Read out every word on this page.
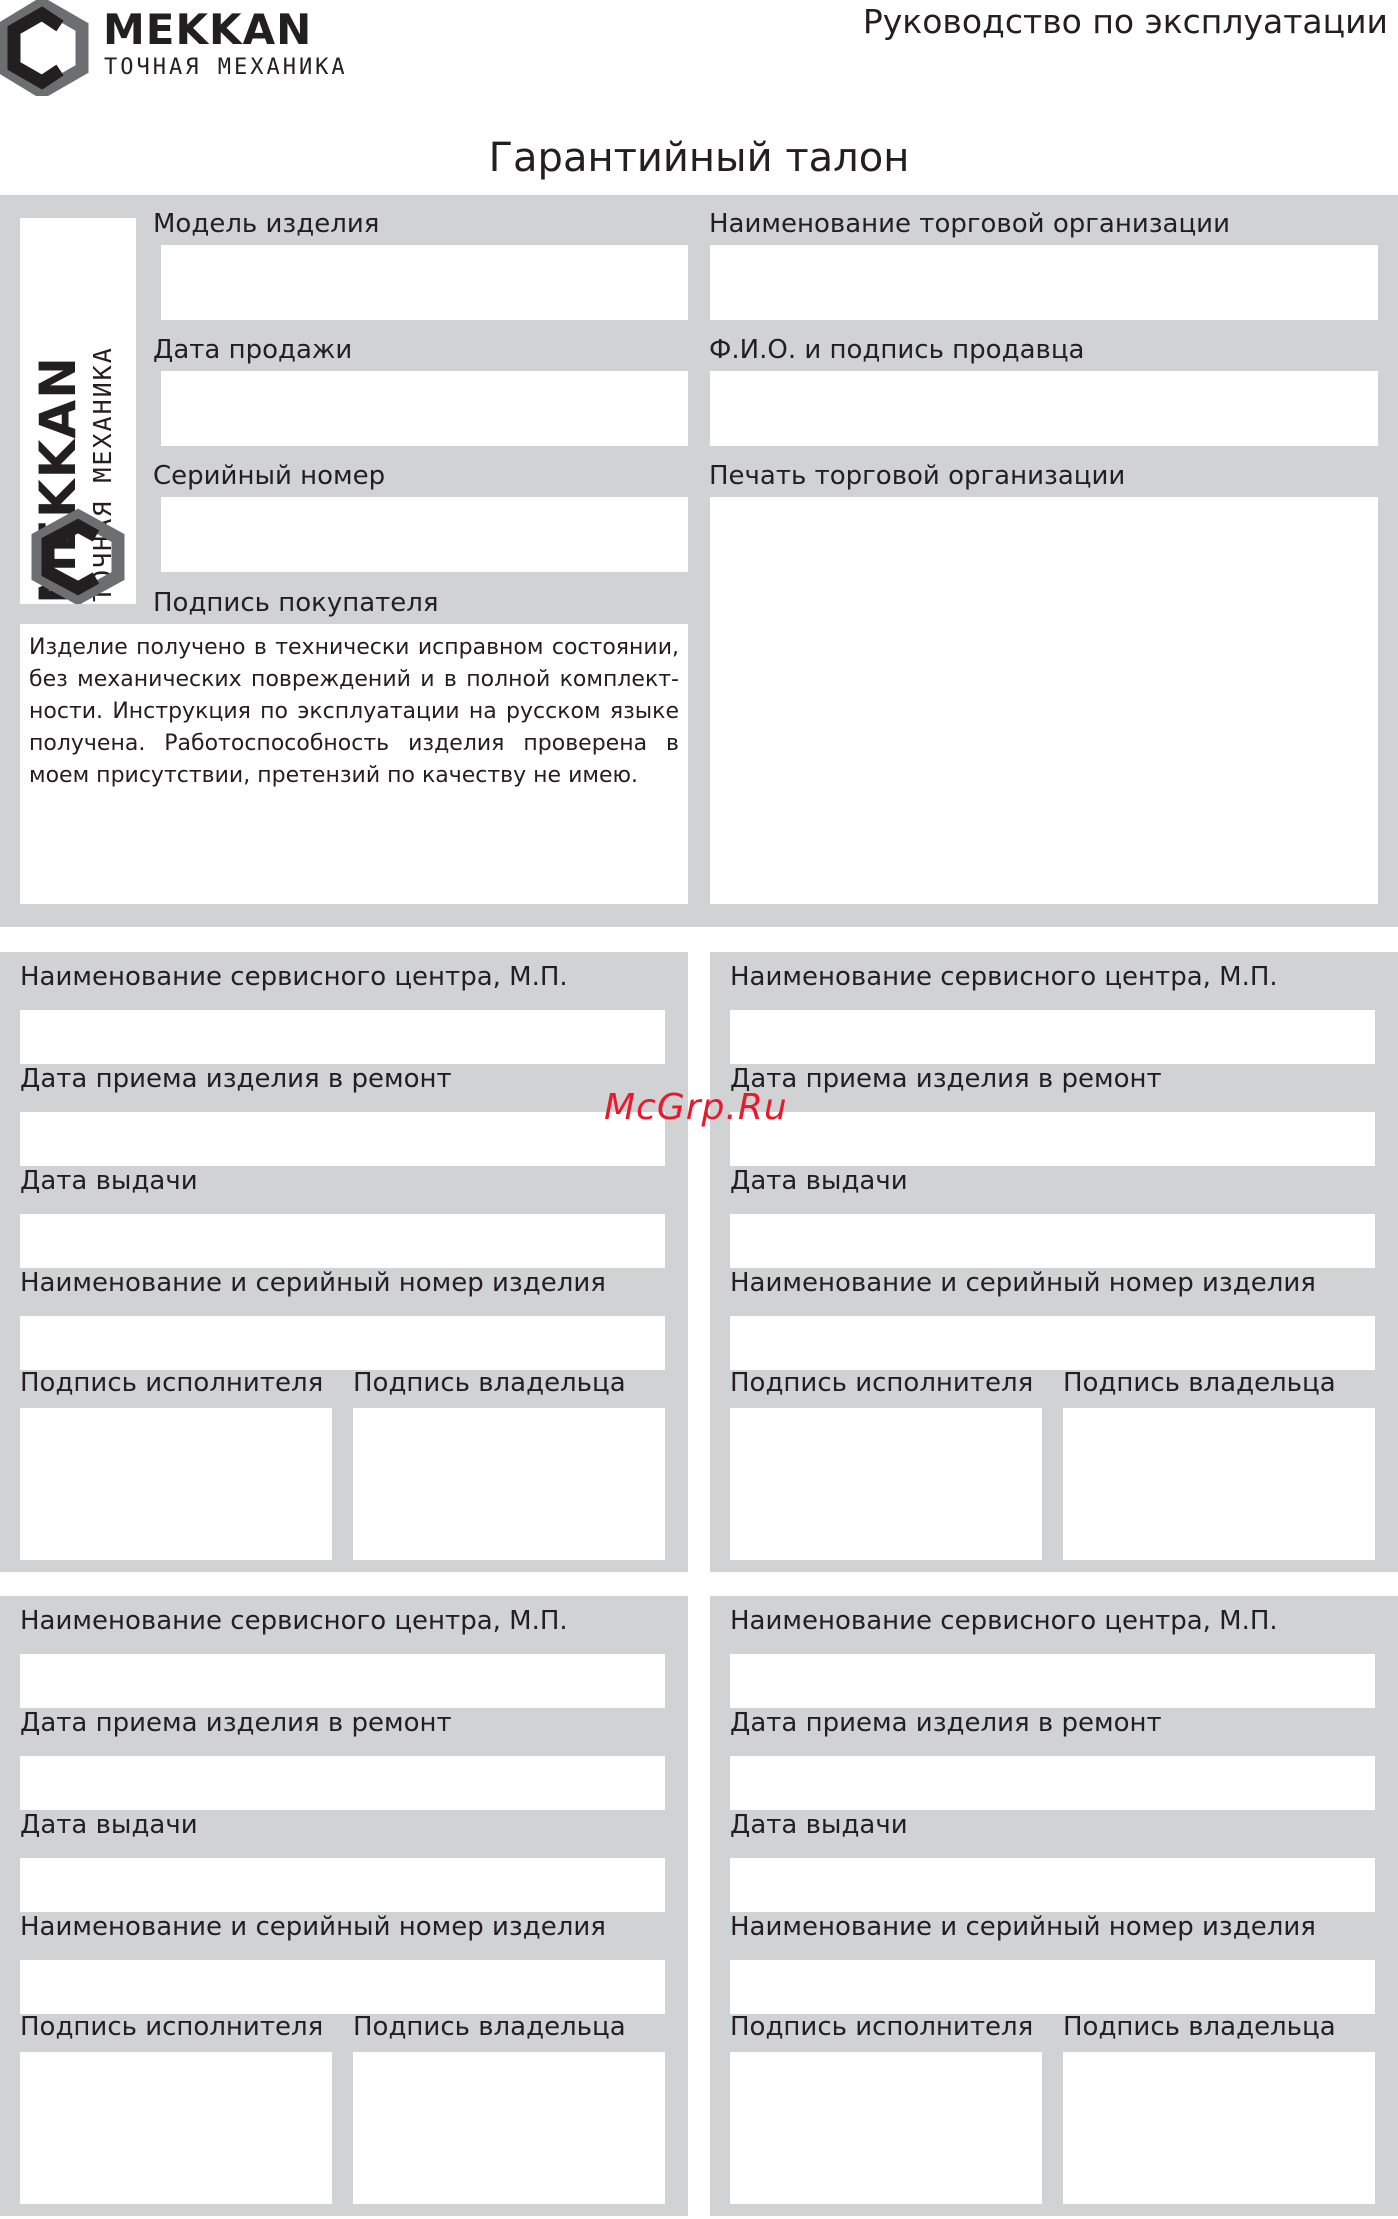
MEKKAN
ТОЧНАЯ МЕХАНИКА
Руководство по эксплуатации
Гарантийный талон
MEKKAN ТОЧНАЯ МЕХАНИКА
Модель изделия
Дата продажи
Серийный номер
Подпись покупателя
Изделие получено в технически исправном состоянии, без механических повреждений и в полной комплект-ности. Инструкция по эксплуатации на русском языке получена. Работоспособность изделия проверена в моем присутствии, претензий по качеству не имею.
Наименование торговой организации
Ф.И.О. и подпись продавца
Печать торговой организации
Наименование сервисного центра, М.П.
Дата приема изделия в ремонт
Дата выдачи
Наименование и серийный номер изделия
Подпись исполнителя Подпись владельца
Наименование сервисного центра, М.П.
Дата приема изделия в ремонт
Дата выдачи
Наименование и серийный номер изделия
Подпись исполнителя Подпись владельца
Наименование сервисного центра, М.П.
Дата приема изделия в ремонт
Дата выдачи
Наименование и серийный номер изделия
Подпись исполнителя Подпись владельца
Наименование сервисного центра, М.П.
Дата приема изделия в ремонт
Дата выдачи
Наименование и серийный номер изделия
Подпись исполнителя Подпись владельца
McGrp.Ru
